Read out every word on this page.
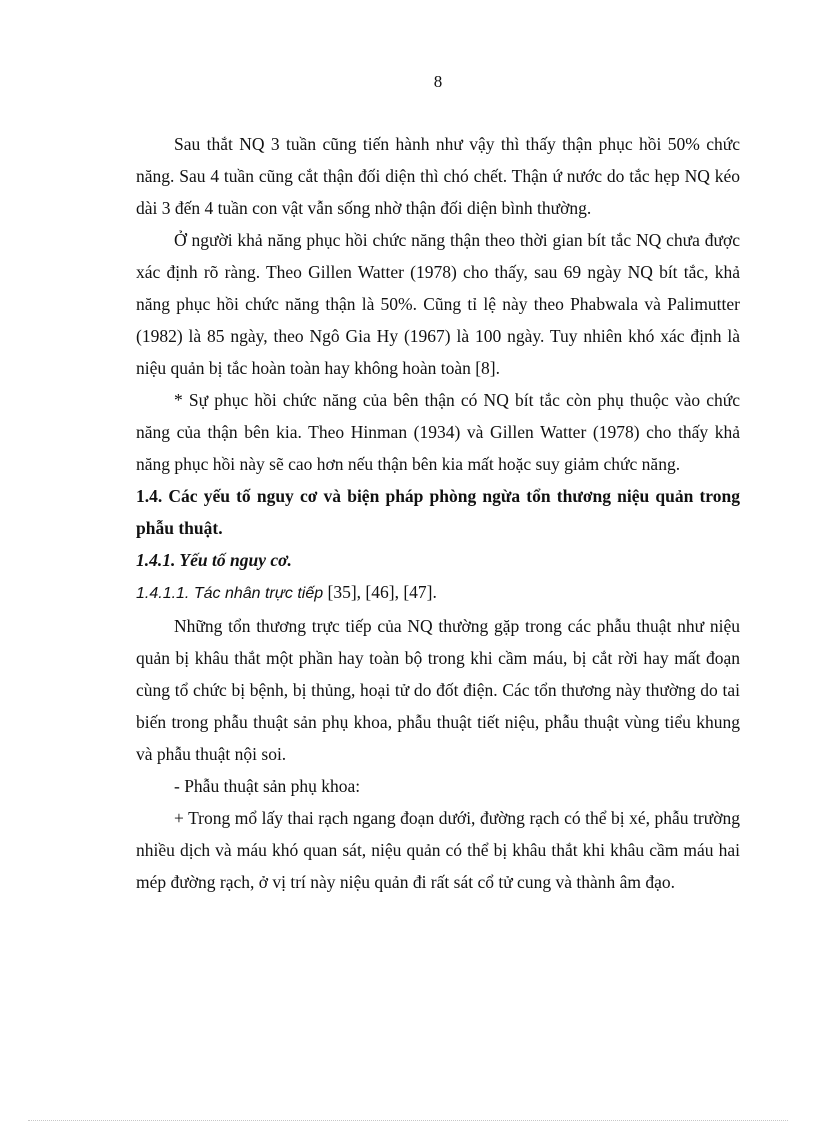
8

Sau thắt NQ 3 tuần cũng tiến hành như vậy thì thấy thận phục hồi 50% chức năng. Sau 4 tuần cũng cắt thận đối diện thì chó chết. Thận ứ nước do tắc hẹp NQ kéo dài 3 đến 4 tuần con vật vẫn sống nhờ thận đối diện bình thường.

Ở người khả năng phục hồi chức năng thận theo thời gian bít tắc NQ chưa được xác định rõ ràng. Theo Gillen Watter (1978) cho thấy, sau 69 ngày NQ bít tắc, khả năng phục hồi chức năng thận là 50%. Cũng tỉ lệ này theo Phabwala và Palimutter (1982) là 85 ngày, theo Ngô Gia Hy (1967) là 100 ngày. Tuy nhiên khó xác định là niệu quản bị tắc hoàn toàn hay không hoàn toàn [8].

* Sự phục hồi chức năng của bên thận có NQ bít tắc còn phụ thuộc vào chức năng của thận bên kia. Theo Hinman (1934) và Gillen Watter (1978) cho thấy khả năng phục hồi này sẽ cao hơn nếu thận bên kia mất hoặc suy giảm chức năng.

1.4. Các yếu tố nguy cơ và biện pháp phòng ngừa tổn thương niệu quản trong phẫu thuật.

1.4.1. Yếu tố nguy cơ.

1.4.1.1. Tác nhân trực tiếp [35], [46], [47].

Những tổn thương trực tiếp của NQ thường gặp trong các phẫu thuật như niệu quản bị khâu thắt một phần hay toàn bộ trong khi cầm máu, bị cắt rời hay mất đoạn cùng tổ chức bị bệnh, bị thủng, hoại tử do đốt điện. Các tổn thương này thường do tai biến trong phẫu thuật sản phụ khoa, phẫu thuật tiết niệu, phẫu thuật vùng tiểu khung và phẫu thuật nội soi.

- Phẫu thuật sản phụ khoa:

+ Trong mổ lấy thai rạch ngang đoạn dưới, đường rạch có thể bị xé, phẫu trường nhiều dịch và máu khó quan sát, niệu quản có thể bị khâu thắt khi khâu cầm máu hai mép đường rạch, ở vị trí này niệu quản đi rất sát cổ tử cung và thành âm đạo.
